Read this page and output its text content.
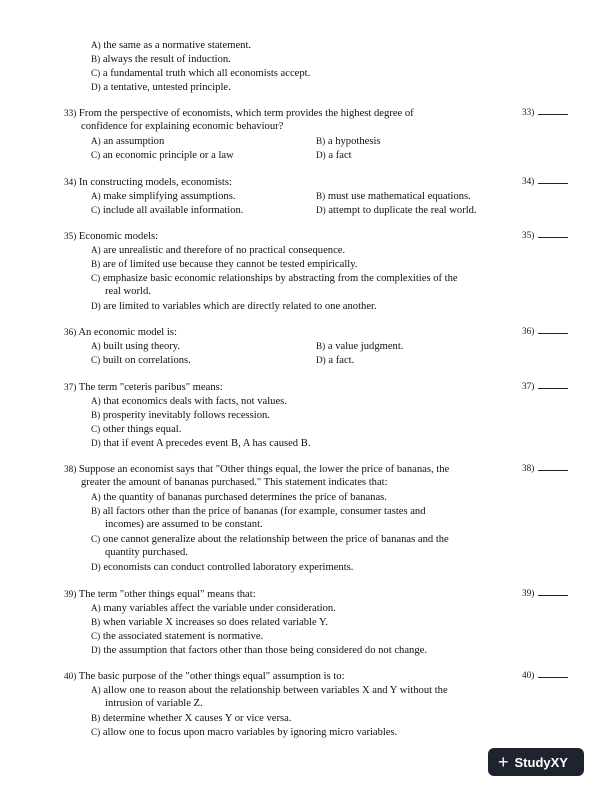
A) the same as a normative statement.
B) always the result of induction.
C) a fundamental truth which all economists accept.
D) a tentative, untested principle.
33) From the perspective of economists, which term provides the highest degree of
confidence for explaining economic behaviour?
A) an assumption	B) a hypothesis
C) an economic principle or a law	D) a fact
33)
34) In constructing models, economists:
A) make simplifying assumptions.	B) must use mathematical equations.
C) include all available information.	D) attempt to duplicate the real world.
34)
35) Economic models:
A) are unrealistic and therefore of no practical consequence.
B) are of limited use because they cannot be tested empirically.
C) emphasize basic economic relationships by abstracting from the complexities of the
real world.
D) are limited to variables which are directly related to one another.
35)
36) An economic model is:
A) built using theory.	B) a value judgment.
C) built on correlations.	D) a fact.
36)
37) The term "ceteris paribus" means:
A) that economics deals with facts, not values.
B) prosperity inevitably follows recession.
C) other things equal.
D) that if event A precedes event B, A has caused B.
37)
38) Suppose an economist says that "Other things equal, the lower the price of bananas, the
greater the amount of bananas purchased." This statement indicates that:
A) the quantity of bananas purchased determines the price of bananas.
B) all factors other than the price of bananas (for example, consumer tastes and
incomes) are assumed to be constant.
C) one cannot generalize about the relationship between the price of bananas and the
quantity purchased.
D) economists can conduct controlled laboratory experiments.
38)
39) The term "other things equal" means that:
A) many variables affect the variable under consideration.
B) when variable X increases so does related variable Y.
C) the associated statement is normative.
D) the assumption that factors other than those being considered do not change.
39)
40) The basic purpose of the "other things equal" assumption is to:
A) allow one to reason about the relationship between variables X and Y without the
intrusion of variable Z.
B) determine whether X causes Y or vice versa.
C) allow one to focus upon macro variables by ignoring micro variables.
40)
+ StudyXY
